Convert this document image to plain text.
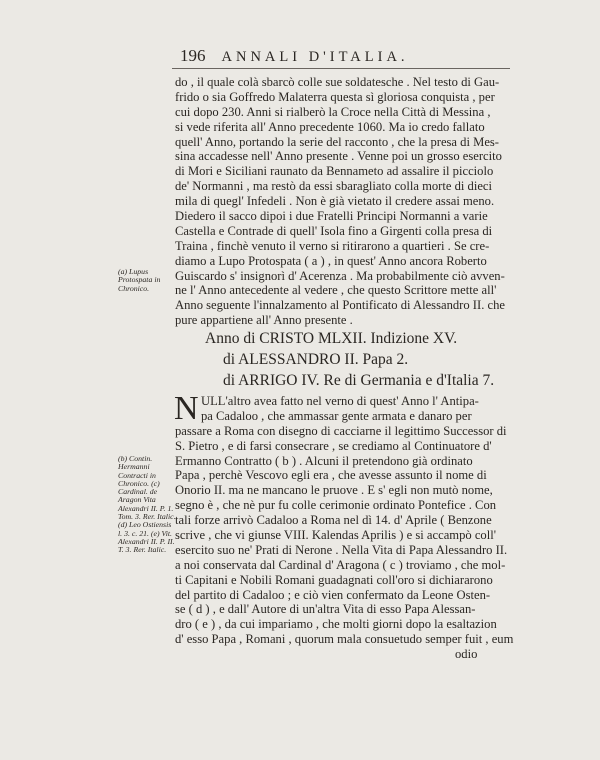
196 ANNALI D'ITALIA.
do , il quale colà sbarcò colle sue soldatesche . Nel testo di Gau-
frido o sia Goffredo Malaterra questa sì gloriosa conquista , per
cui dopo 230. Anni si rialberò la Croce nella Città di Messina ,
si vede riferita all' Anno precedente 1060. Ma io credo fallato
quell' Anno, portando la serie del racconto , che la presa di Mes-
sina accadesse nell' Anno presente . Venne poi un grosso esercito
di Mori e Siciliani raunato da Bennameto ad assalire il picciolo
de' Normanni , ma restò da essi sbaragliato colla morte di dieci
mila di quegl' Infedeli . Non è già vietato il credere assai meno.
Diedero il sacco dipoi i due Fratelli Principi Normanni a varie
Castella e Contrade di quell' Isola fino a Girgenti colla presa di
Traina , finchè venuto il verno si ritirarono a quartieri . Se cre-
diamo a Lupo Protospata ( a ) , in quest' Anno ancora Roberto
Guiscardo s' insignorì d' Acerenza . Ma probabilmente ciò avven-
ne l' Anno antecedente al vedere , che questo Scrittore mette all'
Anno seguente l'innalzamento al Pontificato di Alessandro II. che
pure appartiene all' Anno presente .
(a) Lupus Protospata in Chronico.
Anno di CRISTO MLXII. Indizione XV.
di ALESSANDRO II. Papa 2.
di ARRIGO IV. Re di Germania e d'Italia 7.
N ULL'altro avea fatto nel verno di quest' Anno l' Antipa-
pa Cadaloo , che ammassar gente armata e danaro per
passare a Roma con disegno di cacciarne il legittimo Successor di
S. Pietro , e di farsi consecrare , se crediamo al Continuatore d'
Ermanno Contratto ( b ) . Alcuni il pretendono già ordinato
Papa , perchè Vescovo egli era , che avesse assunto il nome di
Onorio II. ma ne mancano le pruove . E s' egli non mutò nome,
segno è , che nè pur fu colle cerimonie ordinato Pontefice . Con
tali forze arrivò Cadaloo a Roma nel dì 14. d' Aprile ( Benzone
scrive , che vi giunse VIII. Kalendas Aprilis ) e si accampò coll'
esercito suo ne' Prati di Nerone . Nella Vita di Papa Alessandro II.
a noi conservata dal Cardinal d' Aragona ( c ) troviamo , che mol-
ti Capitani e Nobili Romani guadagnati coll'oro si dichiararono
del partito di Cadaloo ; e ciò vien confermato da Leone Osten-
se ( d ) , e dall' Autore di un'altra Vita di esso Papa Alessan-
dro ( e ) , da cui impariamo , che molti giorni dopo la esaltazion
d' esso Papa , Romani , quorum mala consuetudo semper fuit , eum
odio
(b) Contin. Hermanni Contracti in Chronico. (c) Cardinal. de Aragon Vita Alexandri II. P. 1. Tom. 3. Rer. Italic. (d) Leo Ostiensis l. 3. c. 21. (e) Vit. Alexandri II. P. II. T. 3. Rer. Italic.
